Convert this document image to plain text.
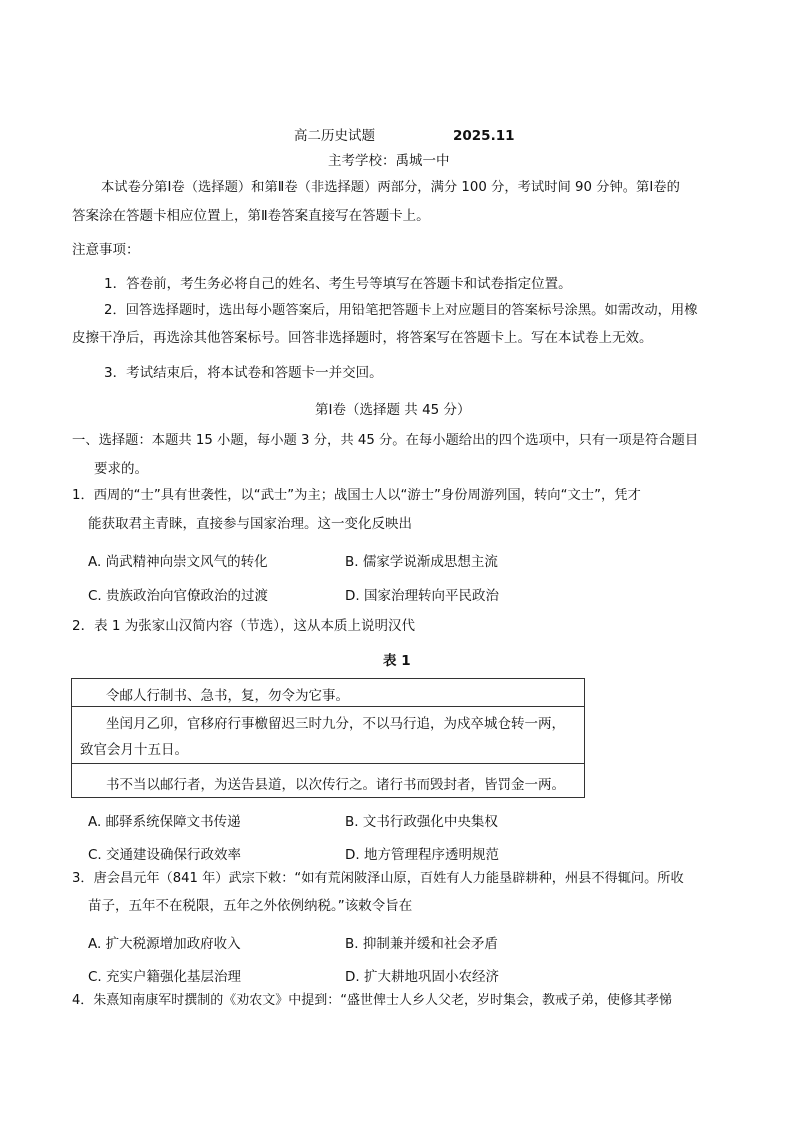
高二历史试题	2025.11
主考学校：禹城一中
本试卷分第Ⅰ卷（选择题）和第Ⅱ卷（非选择题）两部分，满分 100 分，考试时间 90 分钟。第Ⅰ卷的
答案涂在答题卡相应位置上，第Ⅱ卷答案直接写在答题卡上。
注意事项：
1．答卷前，考生务必将自己的姓名、考生号等填写在答题卡和试卷指定位置。
2．回答选择题时，选出每小题答案后，用铅笔把答题卡上对应题目的答案标号涂黑。如需改动，用橡
皮擦干净后，再选涂其他答案标号。回答非选择题时，将答案写在答题卡上。写在本试卷上无效。
3．考试结束后，将本试卷和答题卡一并交回。
第Ⅰ卷（选择题 共 45 分）
一、选择题：本题共 15 小题，每小题 3 分，共 45 分。在每小题给出的四个选项中，只有一项是符合题目
要求的。
1．西周的“士”具有世袭性，以“武士”为主；战国士人以“游士”身份周游列国，转向“文士”，凭才
能获取君主青睐，直接参与国家治理。这一变化反映出
A. 尚武精神向崇文风气的转化	B. 儒家学说渐成思想主流
C. 贵族政治向官僚政治的过渡	D. 国家治理转向平民政治
2．表 1 为张家山汉简内容（节选），这从本质上说明汉代
表 1
令邮人行制书、急书，复，勿令为它事。
坐闰月乙卯，官移府行事檄留迟三时九分，不以马行追，为戍卒城仓转一两，
致官会月十五日。
书不当以邮行者，为送告县道，以次传行之。诸行书而毁封者，皆罚金一两。
A. 邮驿系统保障文书传递	B. 文书行政强化中央集权
C. 交通建设确保行政效率	D. 地方管理程序透明规范
3．唐会昌元年（841 年）武宗下敕：“如有荒闲陂泽山原，百姓有人力能垦辟耕种，州县不得辄问。所收
苗子，五年不在税限，五年之外依例纳税。”该敕令旨在
A. 扩大税源增加政府收入	B. 抑制兼并缓和社会矛盾
C. 充实户籍强化基层治理	D. 扩大耕地巩固小农经济
4．朱熹知南康军时撰制的《劝农文》中提到：“盛世俾士人乡人父老，岁时集会，教戒子弟，使修其孝悌
